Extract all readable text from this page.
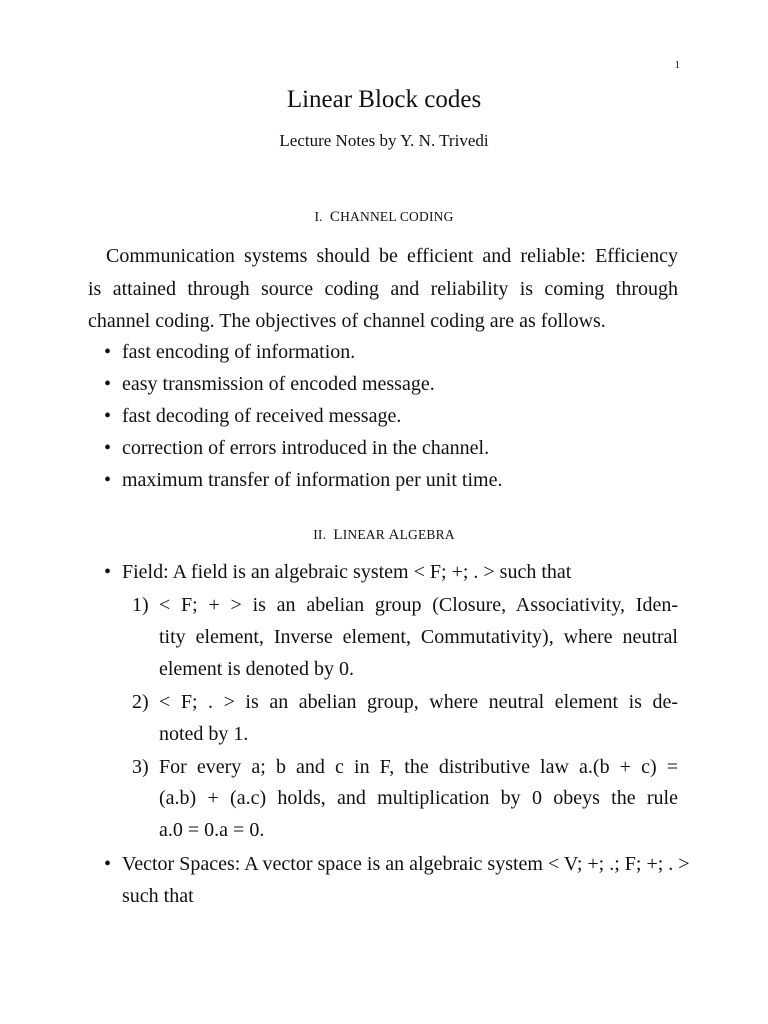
1
Linear Block codes
Lecture Notes by Y. N. Trivedi
I. CHANNEL CODING
Communication systems should be efficient and reliable: Efficiency
is attained through source coding and reliability is coming through
channel coding. The objectives of channel coding are as follows.
• fast encoding of information.
• easy transmission of encoded message.
• fast decoding of received message.
• correction of errors introduced in the channel.
• maximum transfer of information per unit time.
II. LINEAR ALGEBRA
• Field: A field is an algebraic system < F; +; . > such that
1) < F; + > is an abelian group (Closure, Associativity, Iden-
tity element, Inverse element, Commutativity), where neutral
element is denoted by 0.
2) < F; . > is an abelian group, where neutral element is de-
noted by 1.
3) For every a; b and c in F, the distributive law a.(b + c) =
(a.b) + (a.c) holds, and multiplication by 0 obeys the rule
a.0 = 0.a = 0.
• Vector Spaces: A vector space is an algebraic system < V; +; .; F; +; . >
such that
